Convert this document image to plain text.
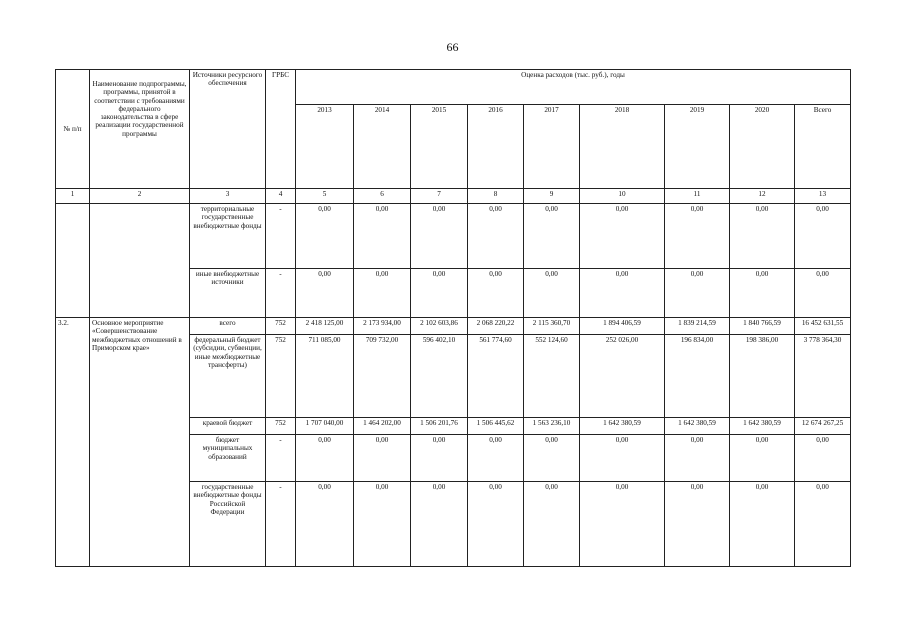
66
№ п/п	Наименование подпрограммы, программы, принятой в соответствии с требованиями федерального законодательства в сфере реализации государственной программы	Источники ресурсного обеспечения	ГРБС	Оценка расходов (тыс. руб.), годы								
				2013	2014	2015	2016	2017	2018	2019	2020	Всего
1	2	3	4	5	6	7	8	9	10	11	12	13
		территориальные государственные внебюджетные фонды	-	0,00	0,00	0,00	0,00	0,00	0,00	0,00	0,00	0,00
		иные внебюджетные источники	-	0,00	0,00	0,00	0,00	0,00	0,00	0,00	0,00	0,00
3.2.	Основное мероприятие «Совершенствование межбюджетных отношений в Приморском крае»	всего	752	2 418 125,00	2 173 934,00	2 102 603,86	2 068 220,22	2 115 360,70	1 894 406,59	1 839 214,59	1 840 766,59	16 452 631,55
		федеральный бюджет (субсидии, субвенции, иные межбюджетные трансферты)	752	711 085,00	709 732,00	596 402,10	561 774,60	552 124,60	252 026,00	196 834,00	198 386,00	3 778 364,30
		краевой бюджет	752	1 707 040,00	1 464 202,00	1 506 201,76	1 506 445,62	1 563 236,10	1 642 380,59	1 642 380,59	1 642 380,59	12 674 267,25
		бюджет муниципальных образований	-	0,00	0,00	0,00	0,00	0,00	0,00	0,00	0,00	0,00
		государственные внебюджетные фонды Российской Федерации	-	0,00	0,00	0,00	0,00	0,00	0,00	0,00	0,00	0,00
